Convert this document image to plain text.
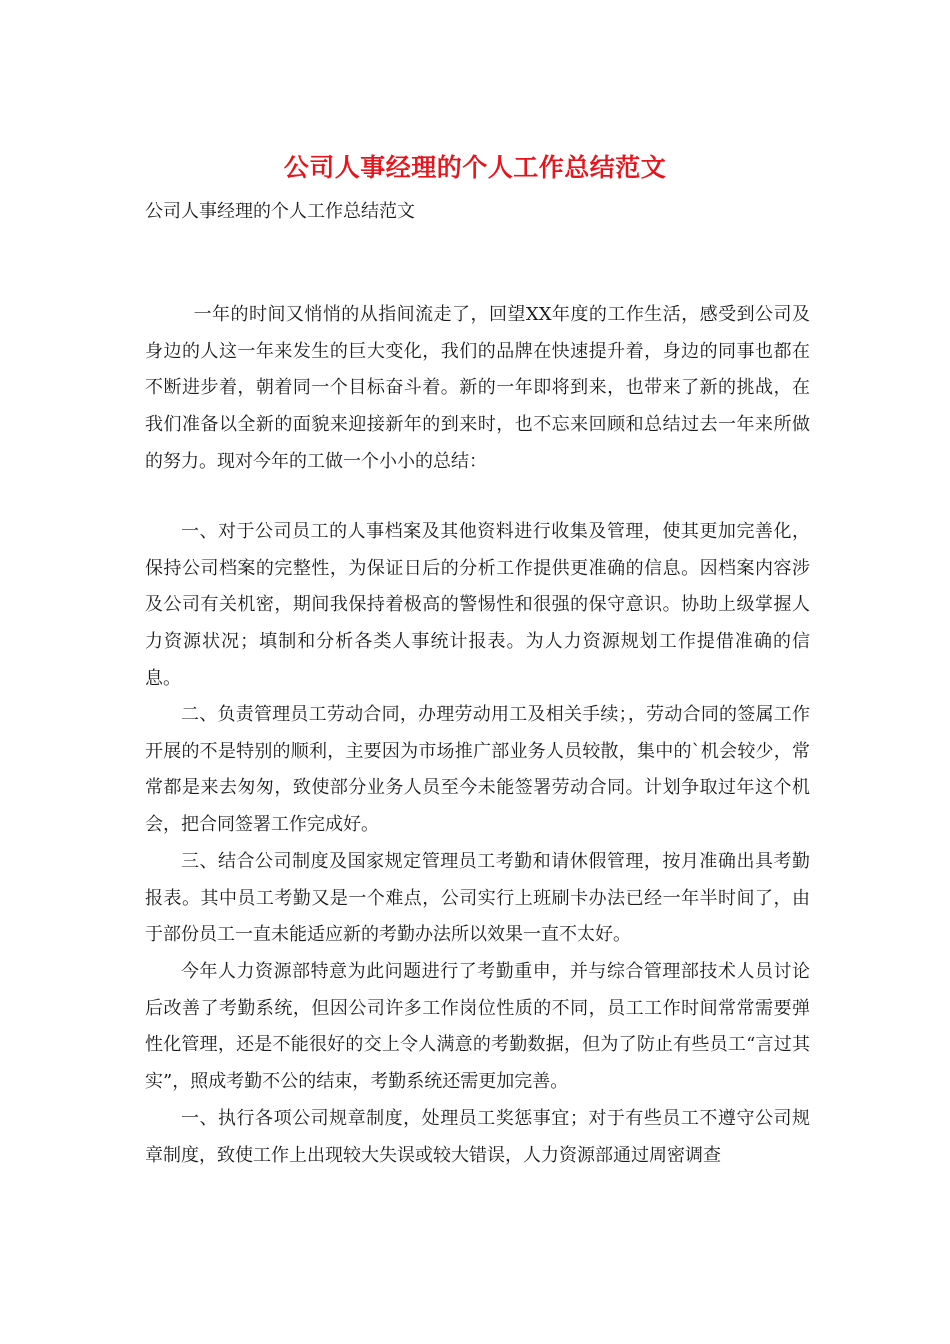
公司人事经理的个人工作总结范文
公司人事经理的个人工作总结范文

一年的时间又悄悄的从指间流走了，回望XX年度的工作生活，感受到公司及身边的人这一年来发生的巨大变化，我们的品牌在快速提升着，身边的同事也都在不断进步着，朝着同一个目标奋斗着。新的一年即将到来，也带来了新的挑战，在我们准备以全新的面貌来迎接新年的到来时，也不忘来回顾和总结过去一年来所做的努力。现对今年的工做一个小小的总结：

一、对于公司员工的人事档案及其他资料进行收集及管理，使其更加完善化，保持公司档案的完整性，为保证日后的分析工作提供更准确的信息。因档案内容涉及公司有关机密，期间我保持着极高的警惕性和很强的保守意识。协助上级掌握人力资源状况；填制和分析各类人事统计报表。为人力资源规划工作提借准确的信息。

二、负责管理员工劳动合同，办理劳动用工及相关手续；，劳动合同的签属工作开展的不是特别的顺利，主要因为市场推广部业务人员较散，集中的`机会较少，常常都是来去匆匆，致使部分业务人员至今未能签署劳动合同。计划争取过年这个机会，把合同签署工作完成好。

三、结合公司制度及国家规定管理员工考勤和请休假管理，按月准确出具考勤报表。其中员工考勤又是一个难点，公司实行上班刷卡办法已经一年半时间了，由于部份员工一直未能适应新的考勤办法所以效果一直不太好。

今年人力资源部特意为此问题进行了考勤重申，并与综合管理部技术人员讨论后改善了考勤系统，但因公司许多工作岗位性质的不同，员工工作时间常常需要弹性化管理，还是不能很好的交上令人满意的考勤数据，但为了防止有些员工“言过其实”，照成考勤不公的结束，考勤系统还需更加完善。

一、执行各项公司规章制度，处理员工奖惩事宜；对于有些员工不遵守公司规章制度，致使工作上出现较大失误或较大错误，人力资源部通过周密调查
